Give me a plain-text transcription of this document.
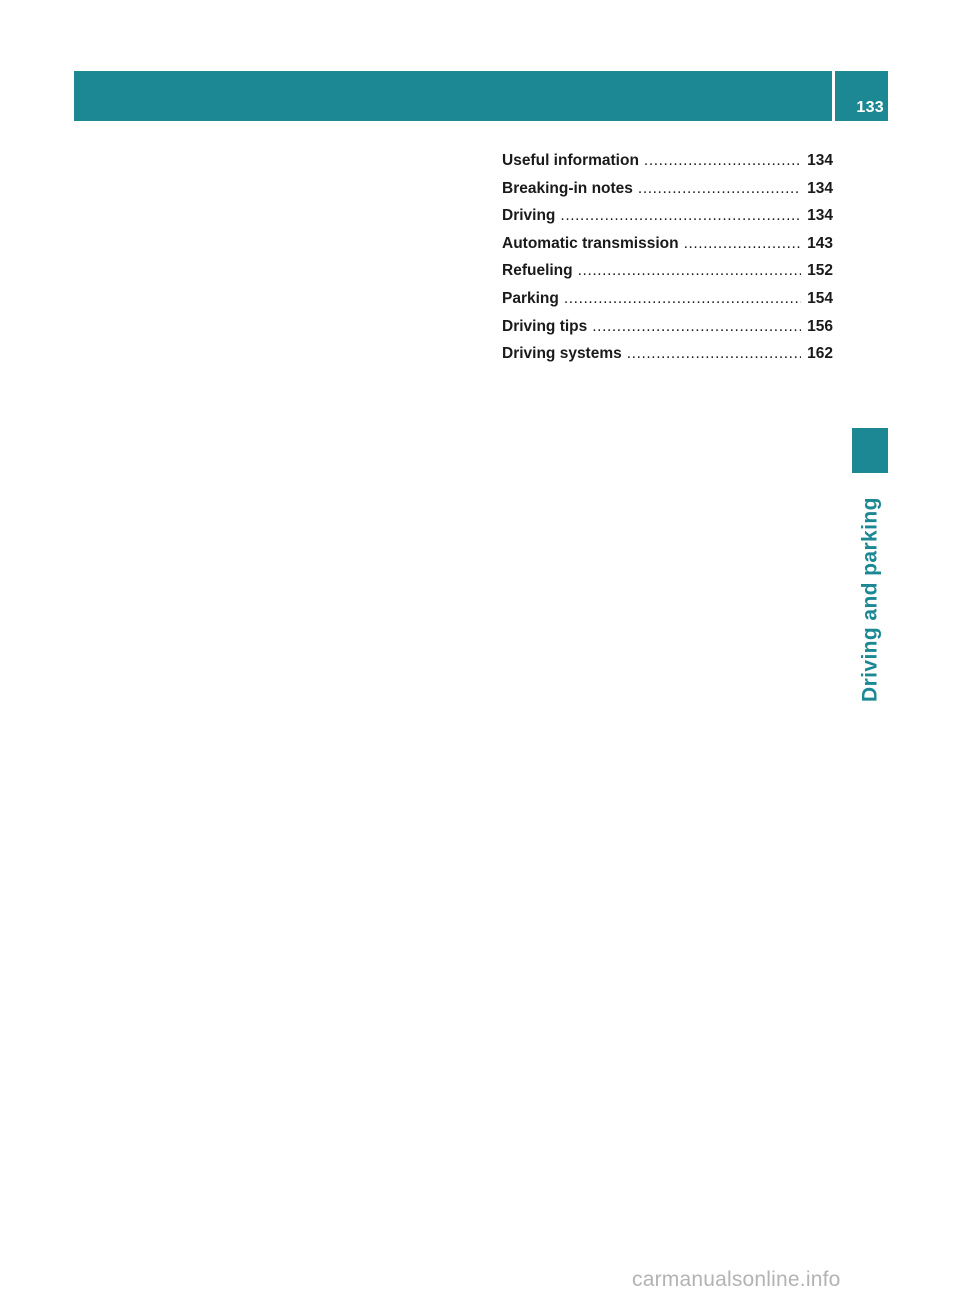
133
Useful information .....	134
Breaking-in notes .....	134
Driving .....	134
Automatic transmission .....	143
Refueling .....	152
Parking .....	154
Driving tips .....	156
Driving systems .....	162
Driving and parking
carmanualsonline.info
